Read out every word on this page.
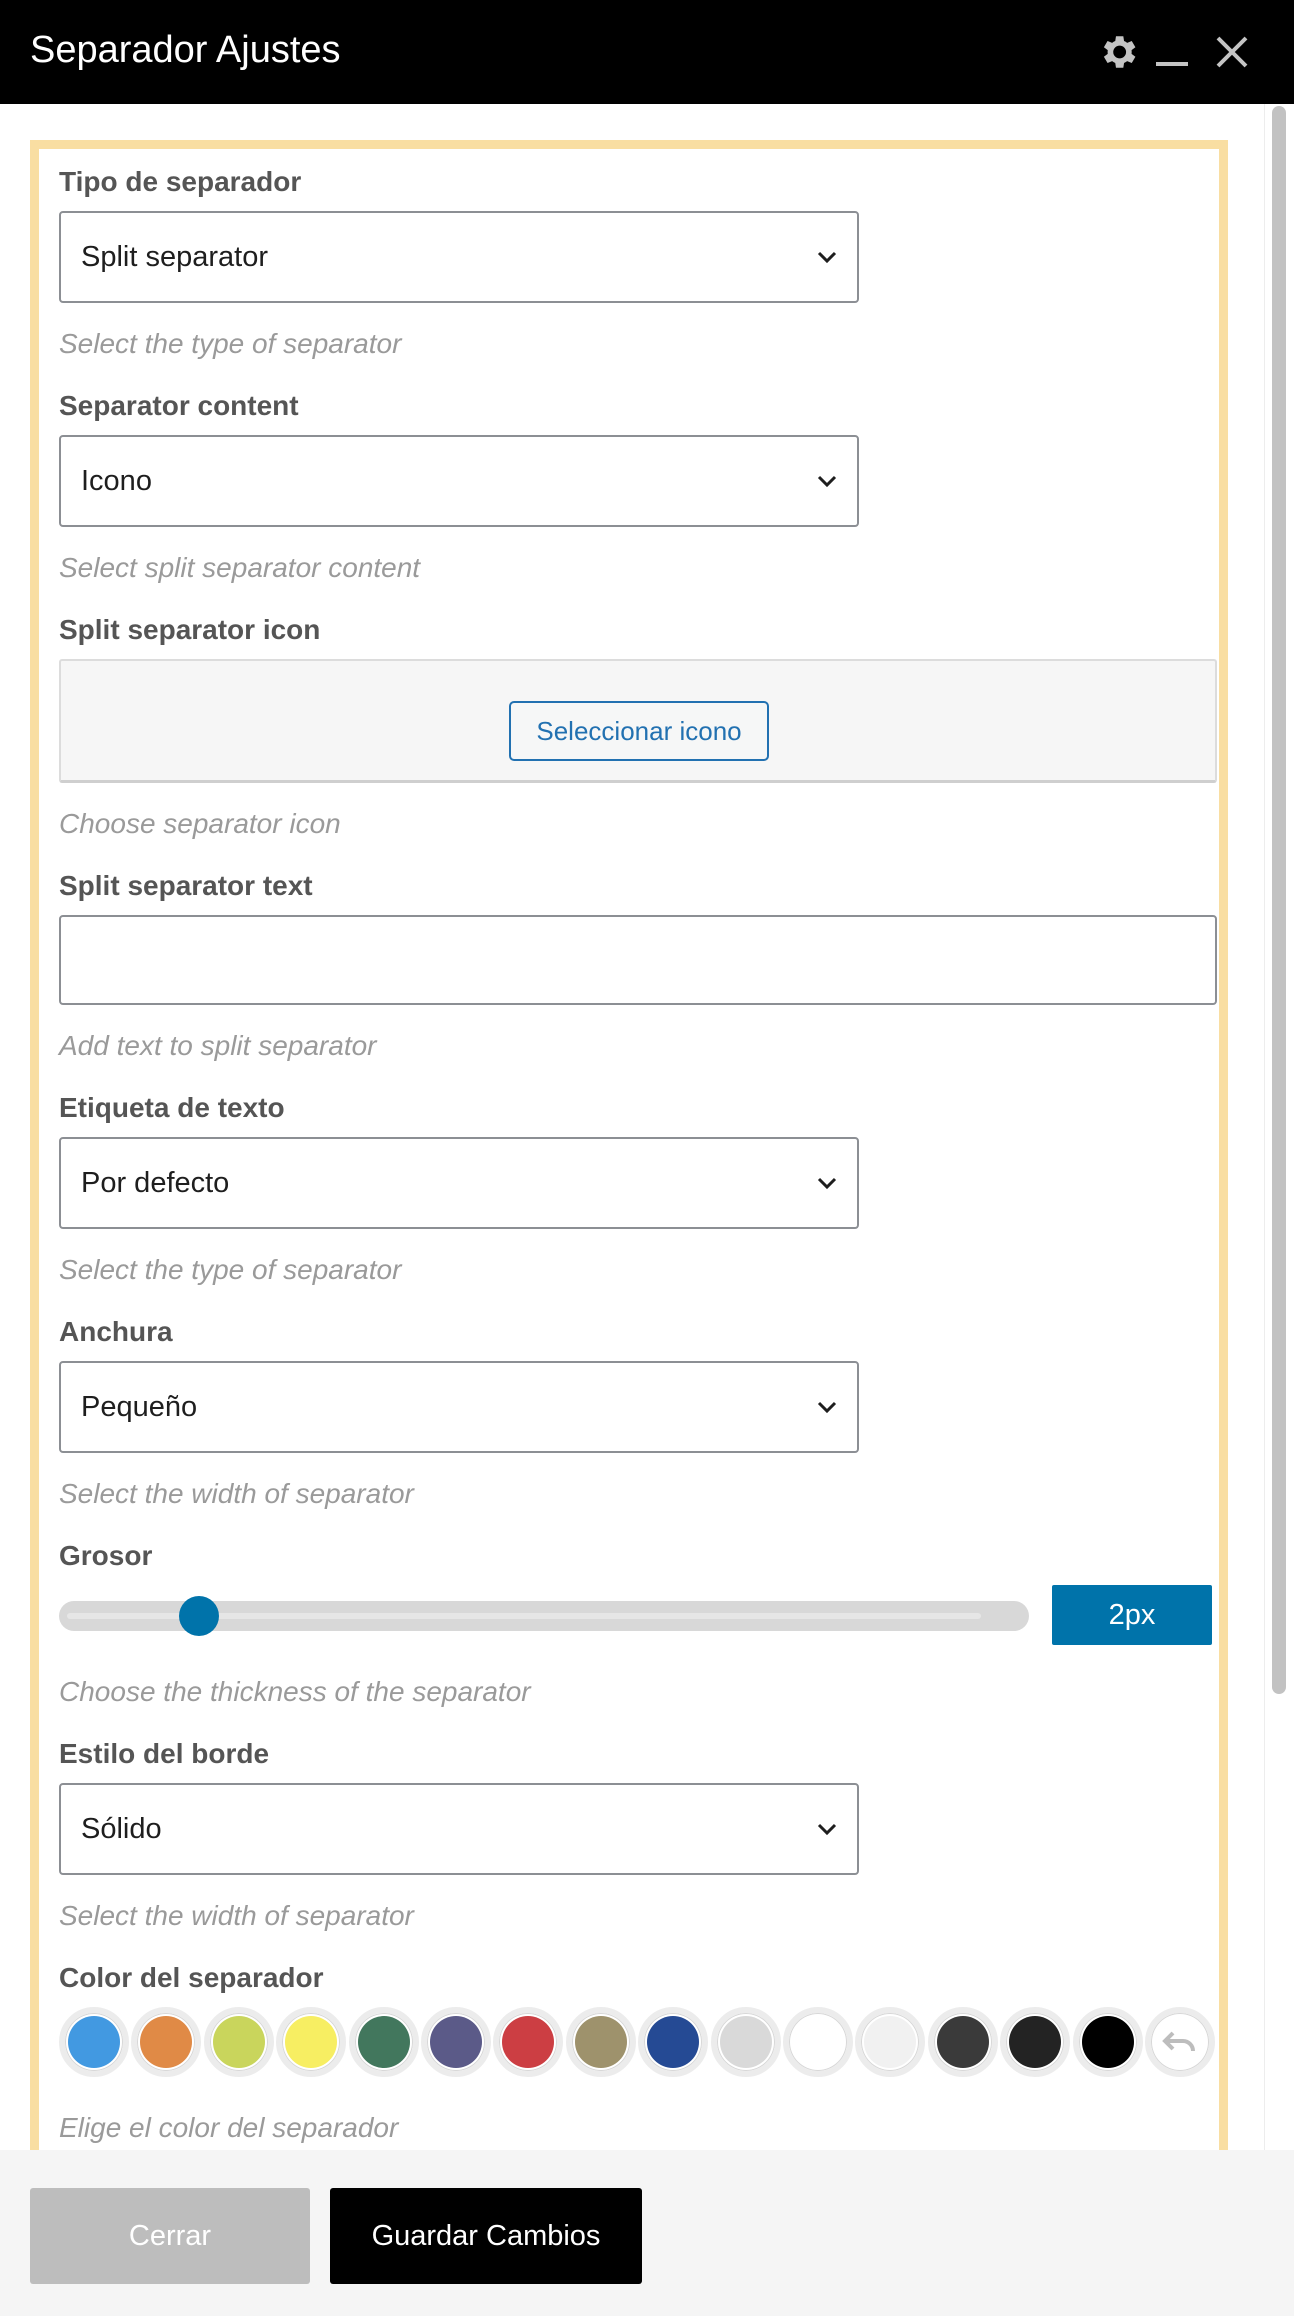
Separador Ajustes
Tipo de separador
Split separator
Select the type of separator
Separator content
Icono
Select split separator content
Split separator icon
Seleccionar icono
Choose separator icon
Split separator text
Add text to split separator
Etiqueta de texto
Por defecto
Select the type of separator
Anchura
Pequeño
Select the width of separator
Grosor
2px
Choose the thickness of the separator
Estilo del borde
Sólido
Select the width of separator
Color del separador
Elige el color del separador
Cerrar	Guardar Cambios
